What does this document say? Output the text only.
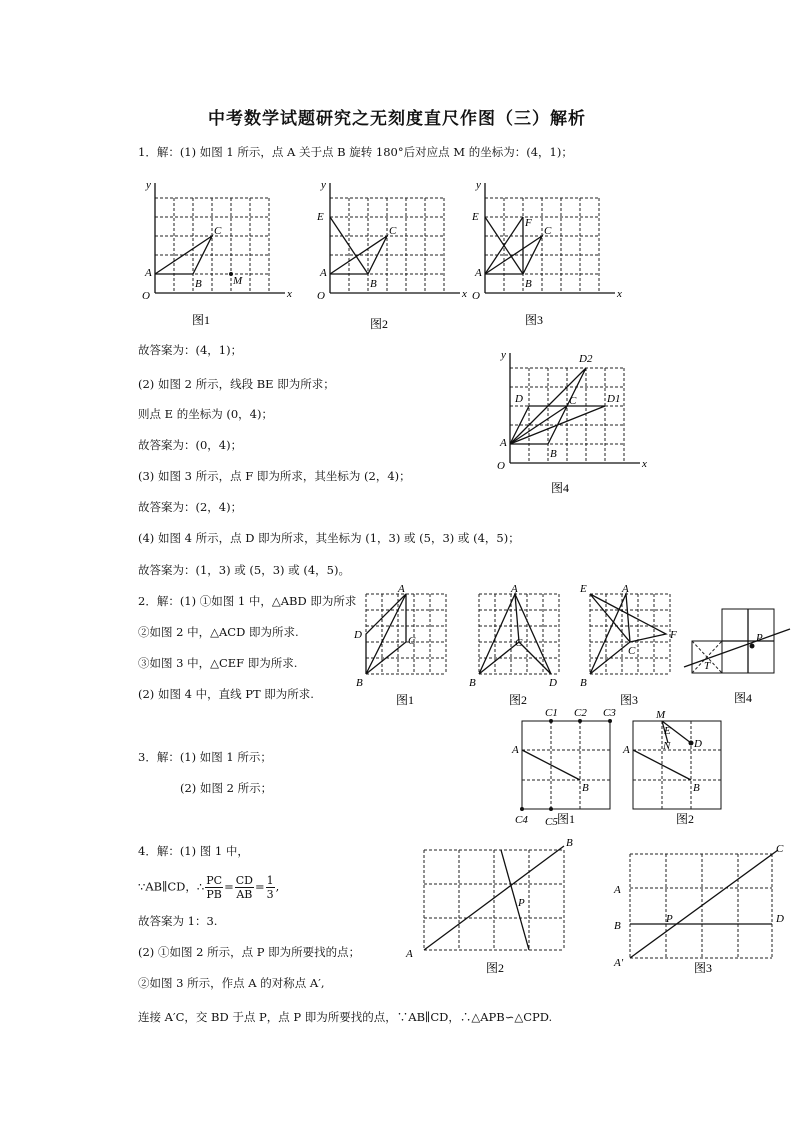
中考数学试题研究之无刻度直尺作图（三）解析
1．解：(1) 如图 1 所示，点 A 关于点 B 旋转 180°后对应点 M 的坐标为：(4，1)；
y
x
O
A
B
C
M
图1
y
x
O
A
E
B
C
图2
y
x
O
A
E	F
B
C
图3
故答案为：(4，1)；
(2) 如图 2 所示，线段 BE 即为所求；
则点 E 的坐标为 (0，4)；
故答案为：(0，4)；
(3) 如图 3 所示，点 F 即为所求，其坐标为 (2，4)；
故答案为：(2，4)；
(4) 如图 4 所示，点 D 即为所求，其坐标为 (1，3) 或 (5，3) 或 (4，5)；
故答案为：(1，3) 或 (5，3) 或 (4，5)。
y
x
O
A
D
B
C	D1
D2
图4
2．解：(1) ①如图 1 中，△ABD 即为所求
②如图 2 中，△ACD 即为所求.
③如图 3 中，△CEF 即为所求.
(2) 如图 4 中，直线 PT 即为所求.
A
D	C
B
图1
A
C
B	D
图2
E	A
C
F
B
图3
P
T
图4
3．解：(1) 如图 1 所示；
(2) 如图 2 所示；
A
B
C1 C2 C3
C4 C5 图1
M
E
N D
A
B
图2
4．解：(1) 图 1 中，
∵AB∥CD，∴ $\frac{PC}{PB} = \frac{CD}{AB} = \frac{1}{3}$ ,
故答案为 1：3.
(2) ①如图 2 所示，点 P 即为所要找的点；
②如图 3 所示，作点 A 的对称点 A′,
连接 A′C，交 BD 于点 P，点 P 即为所要找的点，∵AB∥CD，∴△APB∽△CPD.
A
B
P
图2
A
B
C
D
P
A′	图3
